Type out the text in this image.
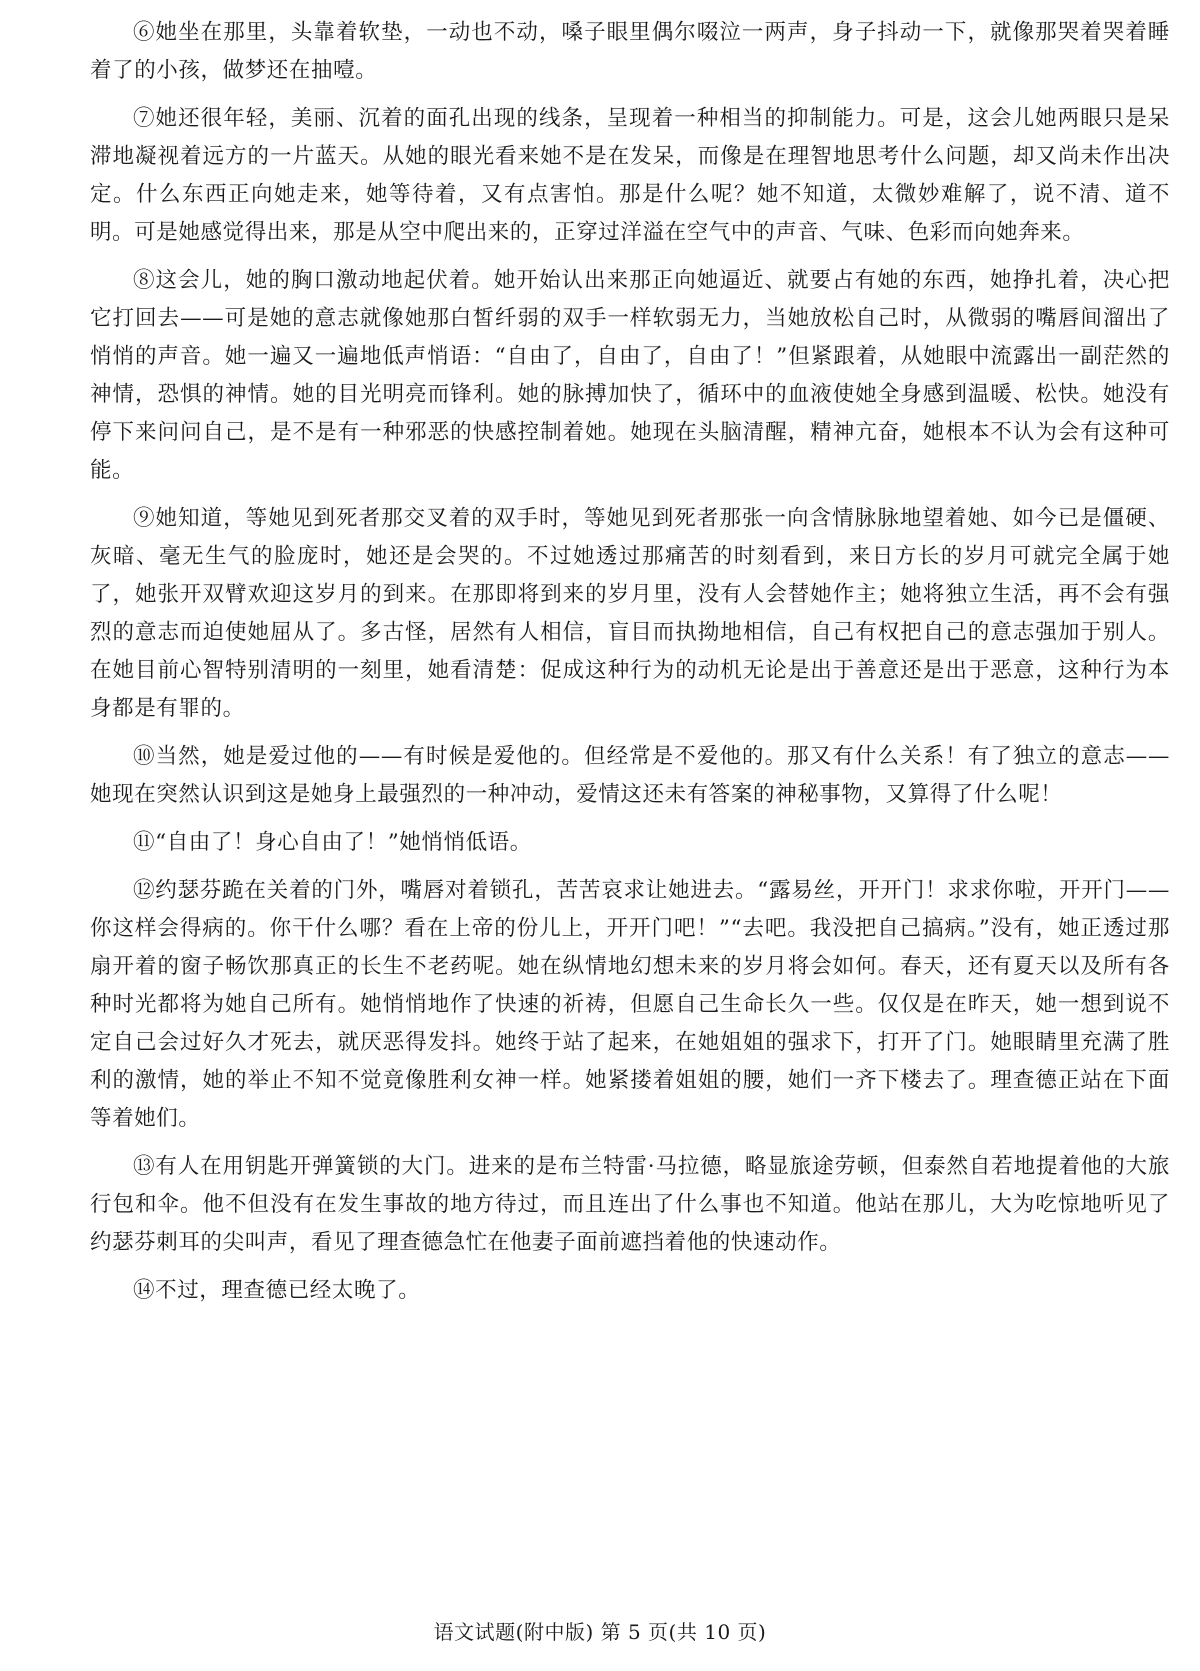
⑥她坐在那里，头靠着软垫，一动也不动，嗓子眼里偶尔啜泣一两声，身子抖动一下，就像那哭着哭着睡着了的小孩，做梦还在抽噎。

⑦她还很年轻，美丽、沉着的面孔出现的线条，呈现着一种相当的抑制能力。可是，这会儿她两眼只是呆滞地凝视着远方的一片蓝天。从她的眼光看来她不是在发呆，而像是在理智地思考什么问题，却又尚未作出决定。什么东西正向她走来，她等待着，又有点害怕。那是什么呢？她不知道，太微妙难解了，说不清、道不明。可是她感觉得出来，那是从空中爬出来的，正穿过洋溢在空气中的声音、气味、色彩而向她奔来。

⑧这会儿，她的胸口激动地起伏着。她开始认出来那正向她逼近、就要占有她的东西，她挣扎着，决心把它打回去——可是她的意志就像她那白皙纤弱的双手一样软弱无力，当她放松自己时，从微弱的嘴唇间溜出了悄悄的声音。她一遍又一遍地低声悄语：“自由了，自由了，自由了！”但紧跟着，从她眼中流露出一副茫然的神情，恐惧的神情。她的目光明亮而锋利。她的脉搏加快了，循环中的血液使她全身感到温暖、松快。她没有停下来问问自己，是不是有一种邪恶的快感控制着她。她现在头脑清醒，精神亢奋，她根本不认为会有这种可能。

⑨她知道，等她见到死者那交叉着的双手时，等她见到死者那张一向含情脉脉地望着她、如今已是僵硬、灰暗、毫无生气的脸庞时，她还是会哭的。不过她透过那痛苦的时刻看到，来日方长的岁月可就完全属于她了，她张开双臂欢迎这岁月的到来。在那即将到来的岁月里，没有人会替她作主；她将独立生活，再不会有强烈的意志而迫使她屈从了。多古怪，居然有人相信，盲目而执拗地相信，自己有权把自己的意志强加于别人。在她目前心智特别清明的一刻里，她看清楚：促成这种行为的动机无论是出于善意还是出于恶意，这种行为本身都是有罪的。

⑩当然，她是爱过他的——有时候是爱他的。但经常是不爱他的。那又有什么关系！有了独立的意志——她现在突然认识到这是她身上最强烈的一种冲动，爱情这还未有答案的神秘事物，又算得了什么呢！

⑪“自由了！身心自由了！”她悄悄低语。

⑫约瑟芬跪在关着的门外，嘴唇对着锁孔，苦苦哀求让她进去。“露易丝，开开门！求求你啦，开开门——你这样会得病的。你干什么哪？看在上帝的份儿上，开开门吧！”“去吧。我没把自己搞病。”没有，她正透过那扇开着的窗子畅饮那真正的长生不老药呢。她在纵情地幻想未来的岁月将会如何。春天，还有夏天以及所有各种时光都将为她自己所有。她悄悄地作了快速的祈祷，但愿自己生命长久一些。仅仅是在昨天，她一想到说不定自己会过好久才死去，就厌恶得发抖。她终于站了起来，在她姐姐的强求下，打开了门。她眼睛里充满了胜利的激情，她的举止不知不觉竟像胜利女神一样。她紧搂着姐姐的腰，她们一齐下楼去了。理查德正站在下面等着她们。

⑬有人在用钥匙开弹簧锁的大门。进来的是布兰特雷·马拉德，略显旅途劳顿，但泰然自若地提着他的大旅行包和伞。他不但没有在发生事故的地方待过，而且连出了什么事也不知道。他站在那儿，大为吃惊地听见了约瑟芬刺耳的尖叫声，看见了理查德急忙在他妻子面前遮挡着他的快速动作。

⑭不过，理查德已经太晚了。

语文试题(附中版) 第 5 页(共 10 页)
